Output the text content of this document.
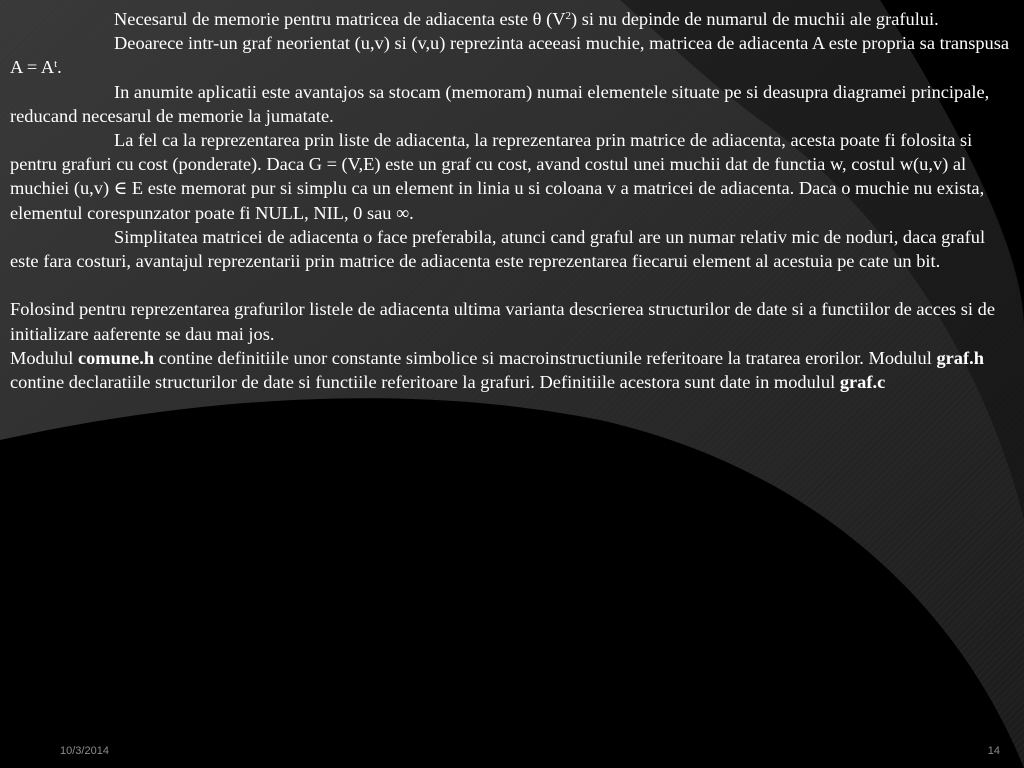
Necesarul de memorie pentru matricea de adiacenta este θ $(V^2)$ si nu depinde de numarul de muchii ale grafului.

Deoarece intr-un graf neorientat (u,v) si (v,u) reprezinta aceeasi muchie, matricea de adiacenta A este propria sa transpusa $A = A^t$.

In anumite aplicatii este avantajos sa stocam (memoram) numai elementele situate pe si deasupra diagramei principale, reducand necesarul de memorie la jumatate.

La fel ca la reprezentarea prin liste de adiacenta, la reprezentarea prin matrice de adiacenta, acesta poate fi folosita si pentru grafuri cu cost (ponderate). Daca G = (V,E) este un graf cu cost, avand costul unei muchii dat de functia w, costul w(u,v) al muchiei (u,v) ∈ E este memorat pur si simplu ca un element in linia u si coloana v a matricei de adiacenta. Daca o muchie nu exista, elementul corespunzator poate fi NULL, NIL, 0 sau ∞.

Simplitatea matricei de adiacenta o face preferabila, atunci cand graful are un numar relativ mic de noduri, daca graful este fara costuri, avantajul reprezentarii prin matrice de adiacenta este reprezentarea fiecarui element al acestuia pe cate un bit.

Folosind pentru reprezentarea grafurilor listele de adiacenta ultima varianta descrierea structurilor de date si a functiilor de acces si de initializare aaferente se dau mai jos.

Modulul comune.h contine definitiile unor constante simbolice si macroinstructiunile referitoare la tratarea erorilor. Modulul graf.h contine declaratiile structurilor de date si functiile referitoare la grafuri. Definitiile acestora sunt date in modulul graf.c

10/3/2014	14
